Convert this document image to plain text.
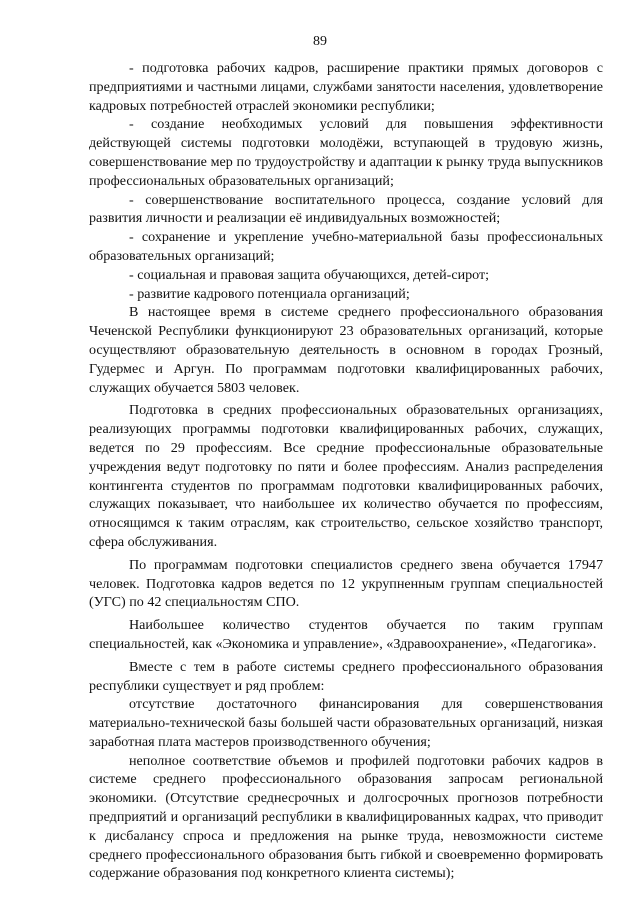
89

- подготовка рабочих кадров, расширение практики прямых договоров с предприятиями и частными лицами, службами занятости населения, удовлетворение кадровых потребностей отраслей экономики республики;

- создание необходимых условий для повышения эффективности действующей системы подготовки молодёжи, вступающей в трудовую жизнь, совершенствование мер по трудоустройству и адаптации к рынку труда выпускников профессиональных образовательных организаций;

- совершенствование воспитательного процесса, создание условий для развития личности и реализации её индивидуальных возможностей;

- сохранение и укрепление учебно-материальной базы профессиональных образовательных организаций;

- социальная и правовая защита обучающихся, детей-сирот;

- развитие кадрового потенциала организаций;

В настоящее время в системе среднего профессионального образования Чеченской Республики функционируют 23 образовательных организаций, которые осуществляют образовательную деятельность в основном в городах Грозный, Гудермес и Аргун. По программам подготовки квалифицированных рабочих, служащих обучается 5803 человек.

Подготовка в средних профессиональных образовательных организациях, реализующих программы подготовки квалифицированных рабочих, служащих, ведется по 29 профессиям. Все средние профессиональные образовательные учреждения ведут подготовку по пяти и более профессиям. Анализ распределения контингента студентов по программам подготовки квалифицированных рабочих, служащих показывает, что наибольшее их количество обучается по профессиям, относящимся к таким отраслям, как строительство, сельское хозяйство транспорт, сфера обслуживания.

По программам подготовки специалистов среднего звена обучается 17947 человек. Подготовка кадров ведется по 12 укрупненным группам специальностей (УГС) по 42 специальностям СПО.

Наибольшее количество студентов обучается по таким группам специальностей, как «Экономика и управление», «Здравоохранение», «Педагогика».

Вместе с тем в работе системы среднего профессионального образования республики существует и ряд проблем:

отсутствие достаточного финансирования для совершенствования материально-технической базы большей части образовательных организаций, низкая заработная плата мастеров производственного обучения;

неполное соответствие объемов и профилей подготовки рабочих кадров в системе среднего профессионального образования запросам региональной экономики. (Отсутствие среднесрочных и долгосрочных прогнозов потребности предприятий и организаций республики в квалифицированных кадрах, что приводит к дисбалансу спроса и предложения на рынке труда, невозможности системе среднего профессионального образования быть гибкой и своевременно формировать содержание образования под конкретного клиента системы);
